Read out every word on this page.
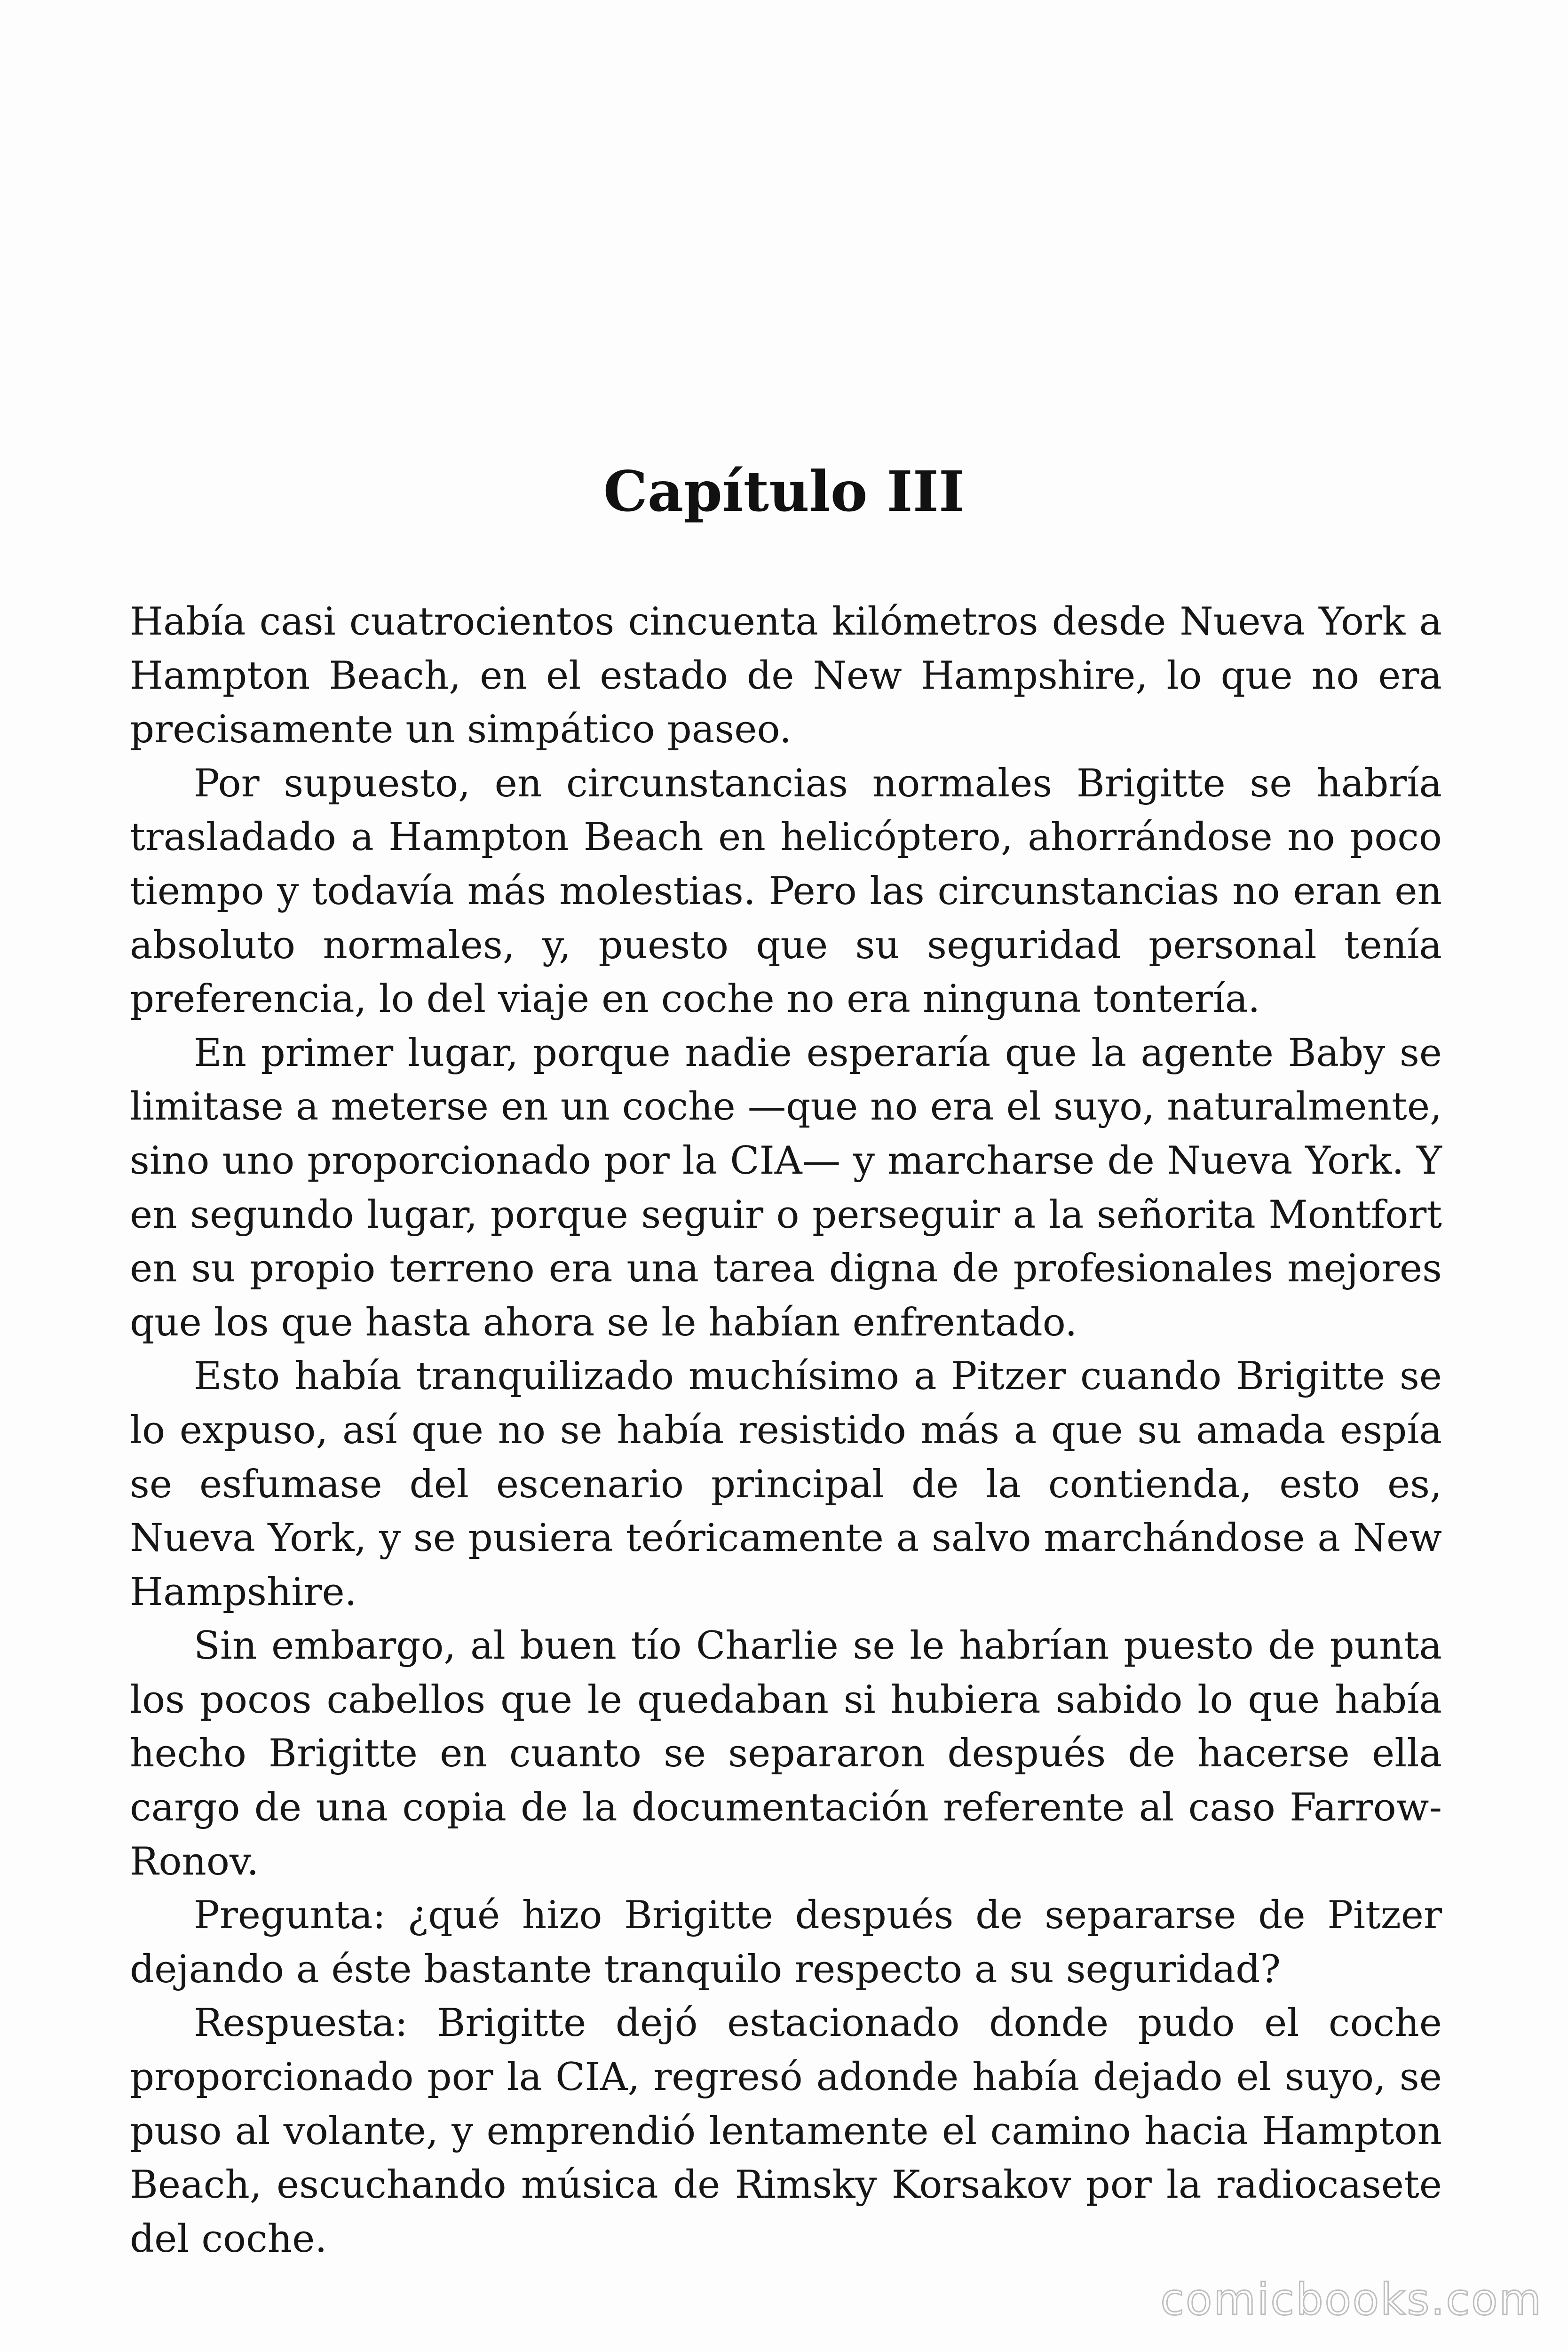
Capítulo III

Había casi cuatrocientos cincuenta kilómetros desde Nueva York a Hampton Beach, en el estado de New Hampshire, lo que no era precisamente un simpático paseo.

Por supuesto, en circunstancias normales Brigitte se habría trasladado a Hampton Beach en helicóptero, ahorrándose no poco tiempo y todavía más molestias. Pero las circunstancias no eran en absoluto normales, y, puesto que su seguridad personal tenía preferencia, lo del viaje en coche no era ninguna tontería.

En primer lugar, porque nadie esperaría que la agente Baby se limitase a meterse en un coche —que no era el suyo, naturalmente, sino uno proporcionado por la CIA— y marcharse de Nueva York. Y en segundo lugar, porque seguir o perseguir a la señorita Montfort en su propio terreno era una tarea digna de profesionales mejores que los que hasta ahora se le habían enfrentado.

Esto había tranquilizado muchísimo a Pitzer cuando Brigitte se lo expuso, así que no se había resistido más a que su amada espía se esfumase del escenario principal de la contienda, esto es, Nueva York, y se pusiera teóricamente a salvo marchándose a New Hampshire.

Sin embargo, al buen tío Charlie se le habrían puesto de punta los pocos cabellos que le quedaban si hubiera sabido lo que había hecho Brigitte en cuanto se separaron después de hacerse ella cargo de una copia de la documentación referente al caso Farrow-Ronov.

Pregunta: ¿qué hizo Brigitte después de separarse de Pitzer dejando a éste bastante tranquilo respecto a su seguridad?

Respuesta: Brigitte dejó estacionado donde pudo el coche proporcionado por la CIA, regresó adonde había dejado el suyo, se puso al volante, y emprendió lentamente el camino hacia Hampton Beach, escuchando música de Rimsky Korsakov por la radiocasete del coche.

comicbooks.com
